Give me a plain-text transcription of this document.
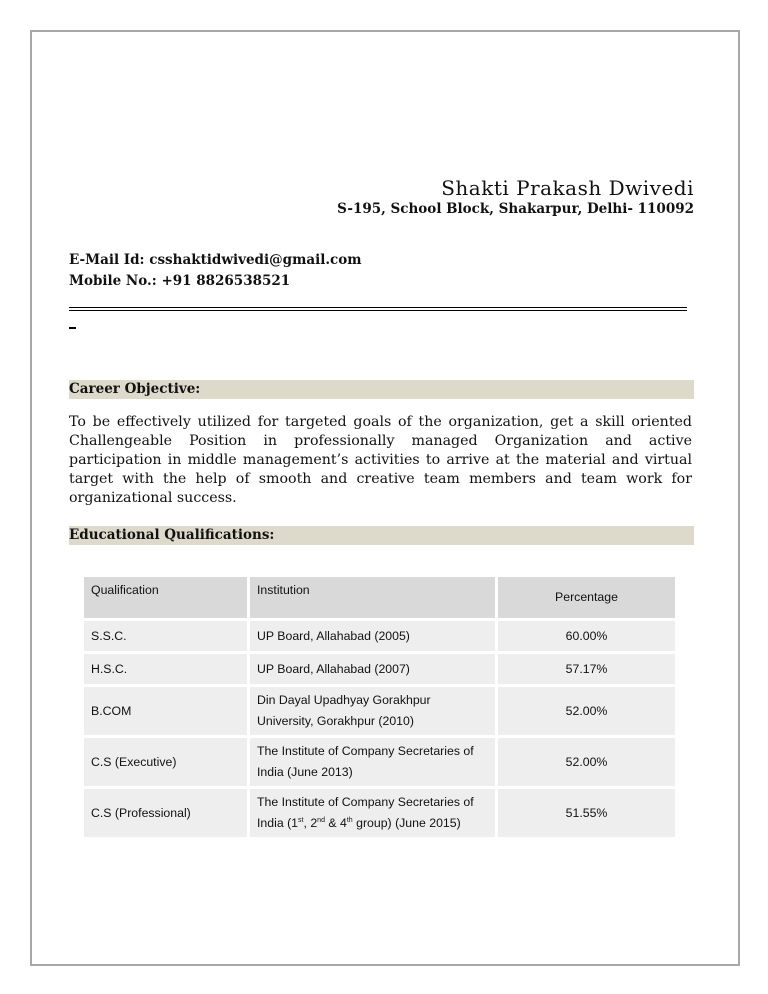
Shakti Prakash Dwivedi
S-195, School Block, Shakarpur, Delhi- 110092
E-Mail Id: csshaktidwivedi@gmail.com
Mobile No.: +91 8826538521
Career Objective:
To be effectively utilized for targeted goals of the organization, get a skill oriented Challengeable Position in professionally managed Organization and active participation in middle management’s activities to arrive at the material and virtual target with the help of smooth and creative team members and team work for organizational success.
Educational Qualifications:
Qualification	Institution	Percentage
S.S.C.	UP Board, Allahabad (2005)	60.00%
H.S.C.	UP Board, Allahabad (2007)	57.17%
B.COM	Din Dayal Upadhyay Gorakhpur University, Gorakhpur (2010)	52.00%
C.S (Executive)	The Institute of Company Secretaries of India (June 2013)	52.00%
C.S (Professional)	The Institute of Company Secretaries of India (1st, 2nd & 4th group) (June 2015)	51.55%
